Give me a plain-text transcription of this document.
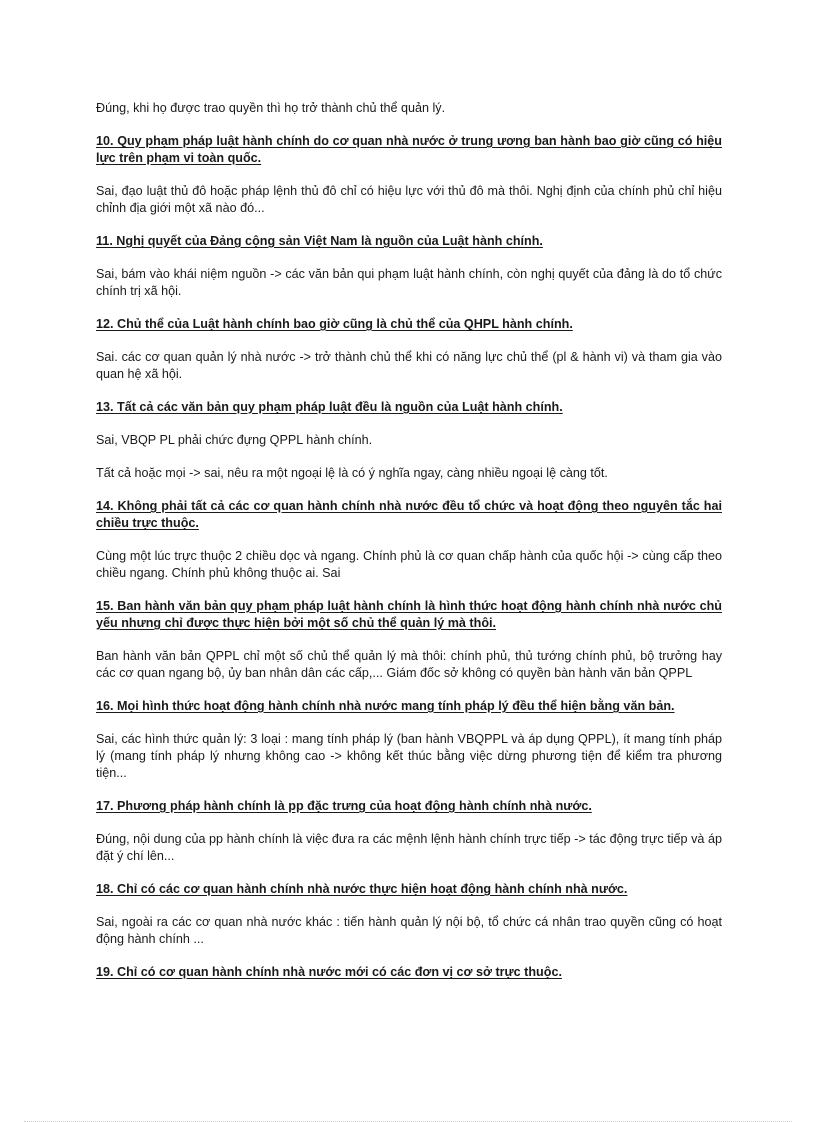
Đúng, khi họ được trao quyền thì họ trở thành chủ thể quản lý.

10. Quy phạm pháp luật hành chính do cơ quan nhà nước ở trung ương ban hành bao giờ cũng có hiệu lực trên phạm vi toàn quốc.

Sai, đạo luật thủ đô hoặc pháp lệnh thủ đô chỉ có hiệu lực với thủ đô mà thôi. Nghị định của chính phủ chỉ hiệu chỉnh địa giới một xã nào đó...

11. Nghị quyết của Đảng cộng sản Việt Nam là nguồn của Luật hành chính.

Sai, bám vào khái niệm nguồn -> các văn bản qui phạm luật hành chính, còn nghị quyết của đảng là do tổ chức chính trị xã hội.

12. Chủ thể của Luật hành chính bao giờ cũng là chủ thể của QHPL hành chính.

Sai. các cơ quan quản lý nhà nước -> trở thành chủ thể khi có năng lực chủ thể (pl & hành vi) và tham gia vào quan hệ xã hội.

13. Tất cả các văn bản quy phạm pháp luật đều là nguồn của Luật hành chính.

Sai, VBQP PL phải chức đựng QPPL hành chính.

Tất cả hoặc mọi -> sai, nêu ra một ngoại lệ là có ý nghĩa ngay, càng nhiều ngoại lệ càng tốt.

14. Không phải tất cả các cơ quan hành chính nhà nước đều tổ chức và hoạt động theo nguyên tắc hai chiều trực thuộc.

Cùng một lúc trực thuộc 2 chiều dọc và ngang. Chính phủ là cơ quan chấp hành của quốc hội -> cùng cấp theo chiều ngang. Chính phủ không thuộc ai. Sai

15. Ban hành văn bản quy phạm pháp luật hành chính là hình thức hoạt động hành chính nhà nước chủ yếu nhưng chỉ được thực hiện bởi một số chủ thể quản lý mà thôi.

Ban hành văn bản QPPL chỉ một số chủ thể quản lý mà thôi: chính phủ, thủ tướng chính phủ, bộ trưởng hay các cơ quan ngang bộ, ủy ban nhân dân các cấp,... Giám đốc sở không có quyền bàn hành văn bản QPPL

16. Mọi hình thức hoạt động hành chính nhà nước mang tính pháp lý đều thể hiện bằng văn bản.

Sai, các hình thức quản lý: 3 loại : mang tính pháp lý (ban hành VBQPPL và áp dụng QPPL), ít mang tính pháp lý (mang tính pháp lý nhưng không cao -> không kết thúc bằng việc dừng phương tiện để kiểm tra phương tiện...

17. Phương pháp hành chính là pp đặc trưng của hoạt động hành chính nhà nước.

Đúng, nội dung của pp hành chính là việc đưa ra các mệnh lệnh hành chính trực tiếp -> tác động trực tiếp và áp đặt ý chí lên...

18. Chỉ có các cơ quan hành chính nhà nước thực hiện hoạt động hành chính nhà nước.

Sai, ngoài ra các cơ quan nhà nước khác : tiến hành quản lý nội bộ, tổ chức cá nhân trao quyền cũng có hoạt động hành chính ...

19. Chỉ có cơ quan hành chính nhà nước mới có các đơn vị cơ sở trực thuộc.
